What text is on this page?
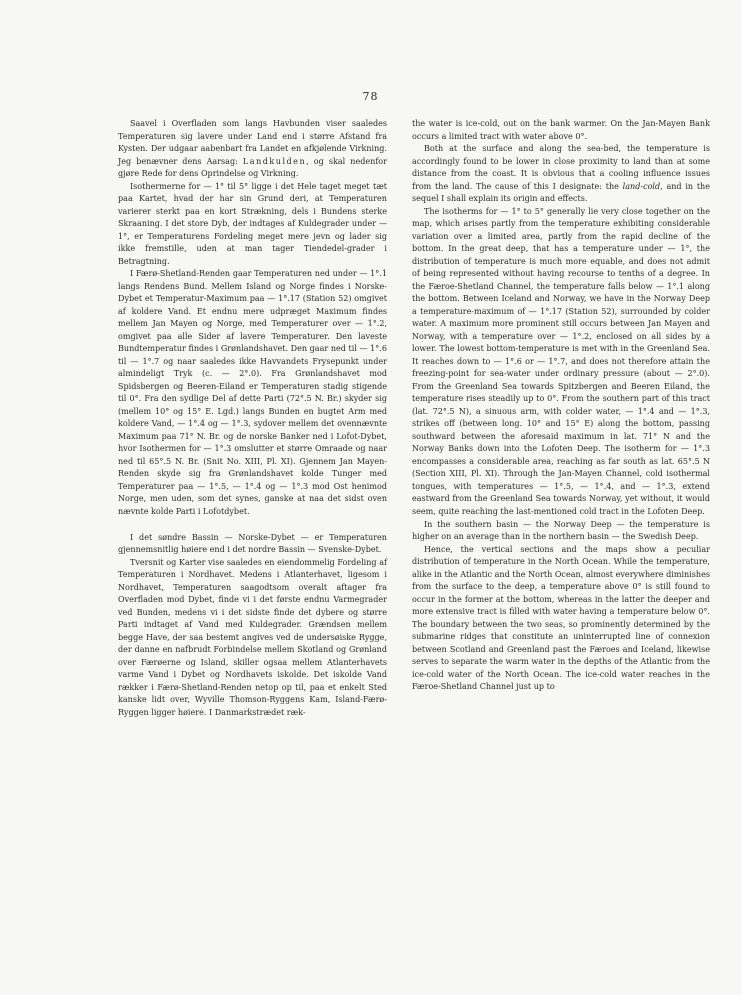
78

Saavel i Overfladen som langs Havbunden viser saaledes Temperaturen sig lavere under Land end i større Afstand fra Kysten. Der udgaar aabenbart fra Landet en afkjølende Virkning. Jeg benævner dens Aarsag: Landkulden, og skal nedenfor gjøre Rede for dens Oprindelse og Virkning.

Isothermerne for — 1° til 5° ligge i det Hele taget meget tæt paa Kartet, hvad der har sin Grund deri, at Temperaturen varierer sterkt paa en kort Strækning, dels i Bundens sterke Skraaning. I det store Dyb, der indtages af Kuldegrader under — 1°, er Temperaturens Fordeling meget mere jevn og lader sig ikke fremstille, uden at man tager Tiendedel-grader i Betragtning.

I Færø-Shetland-Renden gaar Temperaturen ned under — 1°.1 langs Rendens Bund. Mellem Island og Norge findes i Norske-Dybet et Temperatur-Maximum paa — 1°.17 (Station 52) omgivet af koldere Vand. Et endnu mere udpræget Maximum findes mellem Jan Mayen og Norge, med Temperaturer over — 1°.2, omgivet paa alle Sider af lavere Temperaturer. Den laveste Bundtemperatur findes i Grønlandshavet. Den gaar ned til — 1°.6 til — 1°.7 og naar saaledes ikke Havvandets Frysepunkt under almindeligt Tryk (c. — 2°.0). Fra Grønlandshavet mod Spidsbergen og Beeren-Eiland er Temperaturen stadig stigende til 0°. Fra den sydlige Del af dette Parti (72°.5 N. Br.) skyder sig (mellem 10° og 15° E. Lgd.) langs Bunden en bugtet Arm med koldere Vand, — 1°.4 og — 1°.3, sydover mellem det ovennævnte Maximum paa 71° N. Br. og de norske Banker ned i Lofot-Dybet, hvor Isothermen for — 1°.3 omslutter et større Omraade og naar ned til 65°.5 N. Br. (Snit No. XIII, Pl. XI). Gjennem Jan Mayen-Renden skyde sig fra Grønlandshavet kolde Tunger med Temperaturer paa — 1°.5, — 1°.4 og — 1°.3 mod Ost henimod Norge, men uden, som det synes, ganske at naa det sidst oven nævnte kolde Parti i Lofotdybet.

I det søndre Bassin — Norske-Dybet — er Temperaturen gjennemsnitlig høiere end i det nordre Bassin — Svenske-Dybet.

Tversnit og Karter vise saaledes en eiendommelig Fordeling af Temperaturen i Nordhavet. Medens i Atlanterhavet, ligesom i Nordhavet, Temperaturen saagodtsom overalt aftager fra Overfladen mod Dybet, finde vi i det første endnu Varmegrader ved Bunden, medens vi i det sidste finde det dybere og større Parti indtaget af Vand med Kuldegrader. Grændsen mellem begge Have, der saa bestemt angives ved de undersøiske Rygge, der danne en nafbrudt Forbindelse mellem Skotland og Grønland over Færøerne og Island, skiller ogsaa mellem Atlanterhavets varme Vand i Dybet og Nordhavets iskolde. Det iskolde Vand rækker i Færø-Shetland-Renden netop op til, paa et enkelt Sted kanske lidt over, Wyville Thomson-Ryggens Kam, Island-Færø-Ryggen ligger høiere. I Danmarkstrædet ræk-

the water is ice-cold, out on the bank warmer. On the Jan-Mayen Bank occurs a limited tract with water above 0°.

Both at the surface and along the sea-bed, the temperature is accordingly found to be lower in close proximity to land than at some distance from the coast. It is obvious that a cooling influence issues from the land. The cause of this I designate: the land-cold, and in the sequel I shall explain its origin and effects.

The isotherms for — 1° to 5° generally lie very close together on the map, which arises partly from the temperature exhibiting considerable variation over a limited area, partly from the rapid decline of the bottom. In the great deep, that has a temperature under — 1°, the distribution of temperature is much more equable, and does not admit of being represented without having recourse to tenths of a degree. In the Færoe-Shetland Channel, the temperature falls below — 1°.1 along the bottom. Between Iceland and Norway, we have in the Norway Deep a temperature-maximum of — 1°.17 (Station 52), surrounded by colder water. A maximum more prominent still occurs between Jan Mayen and Norway, with a temperature over — 1°.2, enclosed on all sides by a lower. The lowest bottom-temperature is met with in the Greenland Sea. It reaches down to — 1°.6 or — 1°.7, and does not therefore attain the freezing-point for sea-water under ordinary pressure (about — 2°.0). From the Greenland Sea towards Spitzbergen and Beeren Eiland, the temperature rises steadily up to 0°. From the southern part of this tract (lat. 72°.5 N), a sinuous arm, with colder water, — 1°.4 and — 1°.3, strikes off (between long. 10° and 15° E) along the bottom, passing southward between the aforesaid maximum in lat. 71° N and the Norway Banks down into the Lofoten Deep. The isotherm for — 1°.3 encompasses a considerable area, reaching as far south as lat. 65°.5 N (Section XIII, Pl. XI). Through the Jan-Mayen Channel, cold isothermal tongues, with temperatures — 1°.5, — 1°.4, and — 1°.3, extend eastward from the Greenland Sea towards Norway, yet without, it would seem, quite reaching the last-mentioned cold tract in the Lofoten Deep.

In the southern basin — the Norway Deep — the temperature is higher on an average than in the northern basin — the Swedish Deep.

Hence, the vertical sections and the maps show a peculiar distribution of temperature in the North Ocean. While the temperature, alike in the Atlantic and the North Ocean, almost everywhere diminishes from the surface to the deep, a temperature above 0° is still found to occur in the former at the bottom, whereas in the latter the deeper and more extensive tract is filled with water having a temperature below 0°. The boundary between the two seas, so prominently determined by the submarine ridges that constitute an uninterrupted line of connexion between Scotland and Greenland past the Færoes and Iceland, likewise serves to separate the warm water in the depths of the Atlantic from the ice-cold water of the North Ocean. The ice-cold water reaches in the Færoe-Shetland Channel just up to
